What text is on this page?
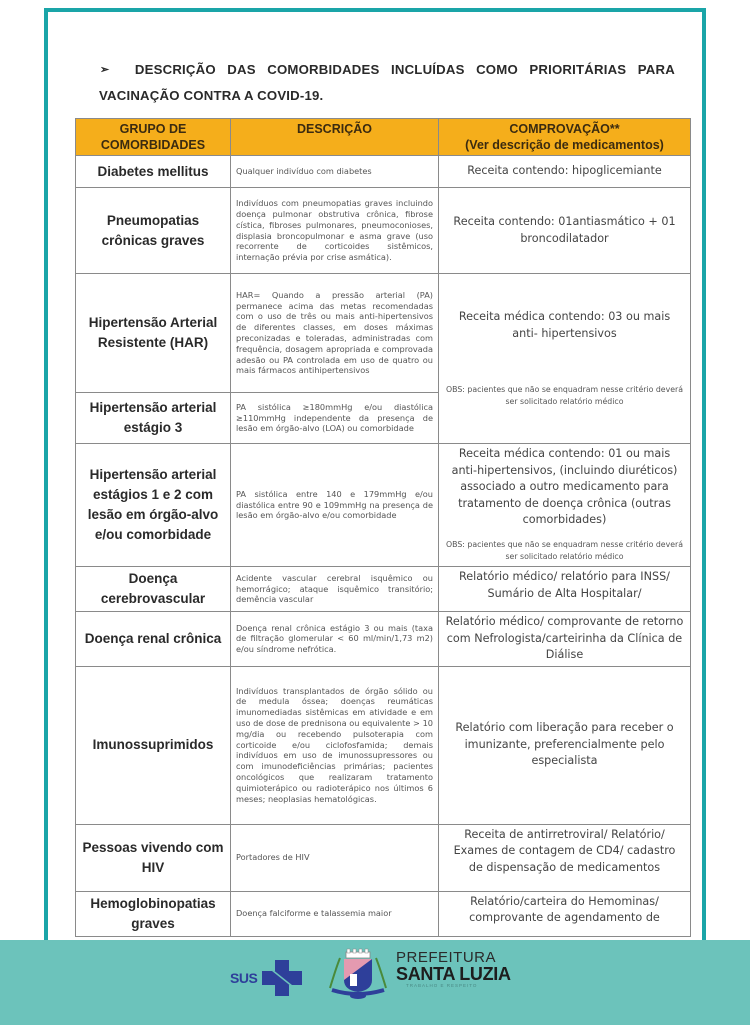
➢ DESCRIÇÃO DAS COMORBIDADES INCLUÍDAS COMO PRIORITÁRIAS PARA
VACINAÇÃO CONTRA A COVID-19.
GRUPO DE COMORBIDADES	DESCRIÇÃO	COMPROVAÇÃO**
(Ver descrição de medicamentos)

Diabetes mellitus	Qualquer indivíduo com diabetes	Receita contendo: hipoglicemiante
Pneumopatias crônicas graves	Indivíduos com pneumopatias graves incluindo doença pulmonar obstrutiva crônica, fibrose cística, fibroses pulmonares, pneumoconioses, displasia broncopulmonar e asma grave (uso recorrente de corticoides sistêmicos, internação prévia por crise asmática).	Receita contendo: 01antiasmático + 01 broncodilatador
Hipertensão Arterial Resistente (HAR)	HAR= Quando a pressão arterial (PA) permanece acima das metas recomendadas com o uso de três ou mais anti-hipertensivos de diferentes classes, em doses máximas preconizadas e toleradas, administradas com frequência, dosagem apropriada e comprovada adesão ou PA controlada em uso de quatro ou mais fármacos antihipertensivos	Receita médica contendo: 03 ou mais anti- hipertensivos
OBS: pacientes que não se enquadram nesse critério deverá ser solicitado relatório médico

Hipertensão arterial estágio 3	PA sistólica ≥180mmHg e/ou diastólica ≥110mmHg independente da presença de lesão em órgão-alvo (LOA) ou comorbidade	
Hipertensão arterial estágios 1 e 2 com lesão em órgão-alvo e/ou comorbidade	PA sistólica entre 140 e 179mmHg e/ou diastólica entre 90 e 109mmHg na presença de lesão em órgão-alvo e/ou comorbidade	Receita médica contendo: 01 ou mais anti-hipertensivos, (incluindo diuréticos) associado a outro medicamento para tratamento de doença crônica (outras comorbidades)
OBS: pacientes que não se enquadram nesse critério deverá ser solicitado relatório médico

Doença cerebrovascular	Acidente vascular cerebral isquêmico ou hemorrágico; ataque isquêmico transitório; demência vascular	Relatório médico/ relatório para INSS/ Sumário de Alta Hospitalar/
Doença renal crônica	Doença renal crônica estágio 3 ou mais (taxa de filtração glomerular < 60 ml/min/1,73 m2) e/ou síndrome nefrótica.	Relatório médico/ comprovante de retorno com Nefrologista/carteirinha da Clínica de Diálise
Imunossuprimidos	Indivíduos transplantados de órgão sólido ou de medula óssea; doenças reumáticas imunomediadas sistêmicas em atividade e em uso de dose de prednisona ou equivalente > 10 mg/dia ou recebendo pulsoterapia com corticoide e/ou ciclofosfamida; demais indivíduos em uso de imunossupressores ou com imunodeficiências primárias; pacientes oncológicos que realizaram tratamento quimioterápico ou radioterápico nos últimos 6 meses; neoplasias hematológicas.	Relatório com liberação para receber o imunizante, preferencialmente pelo especialista
Pessoas vivendo com HIV	Portadores de HIV	Receita de antirretroviral/ Relatório/ Exames de contagem de CD4/ cadastro de dispensação de medicamentos
Hemoglobinopatias graves	Doença falciforme e talassemia maior	Relatório/carteira do Hemominas/ comprovante de agendamento de
SUS
PREFEITURA
SANTA LUZIA
TRABALHO E RESPEITO
